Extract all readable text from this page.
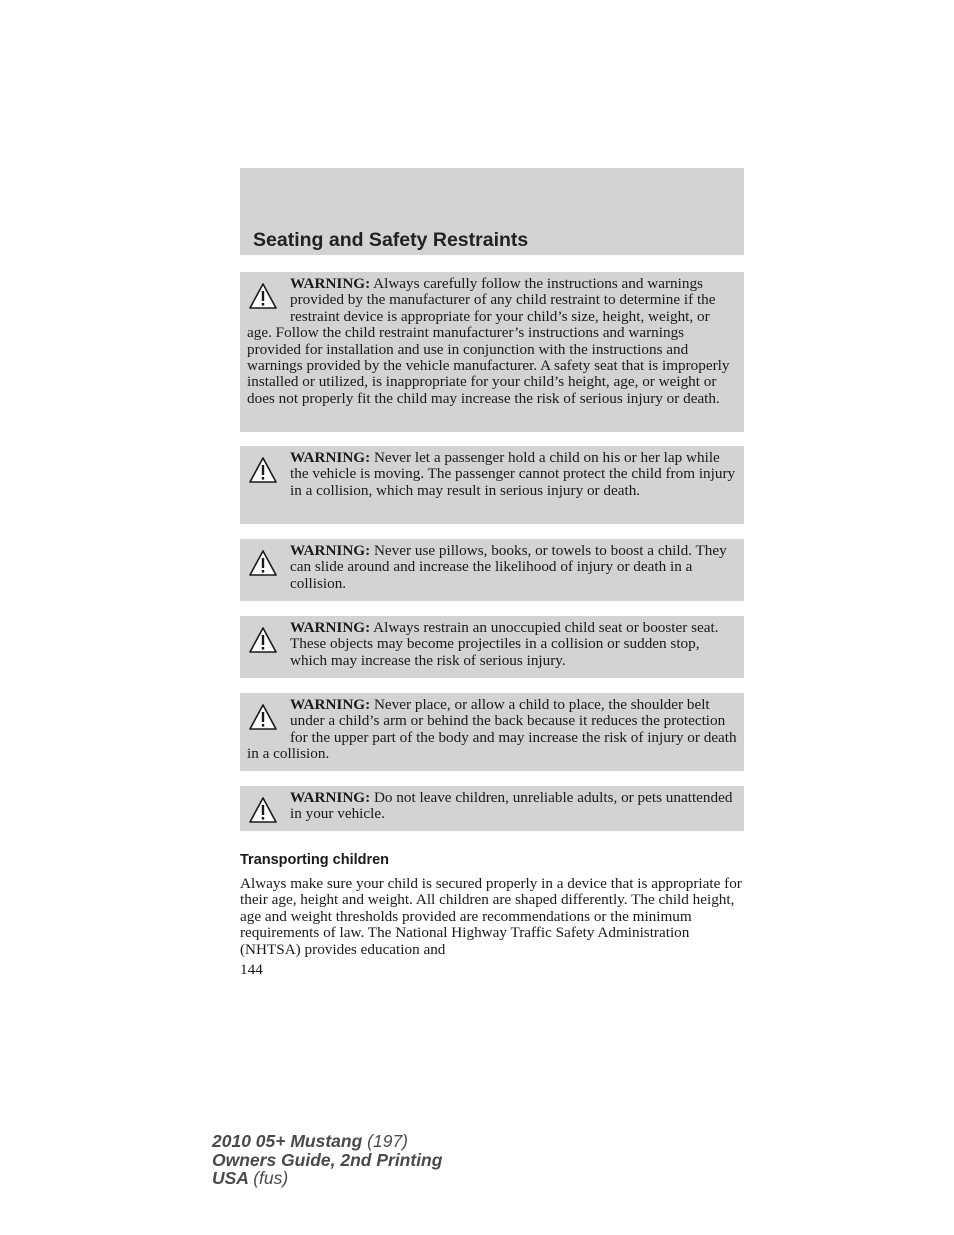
Seating and Safety Restraints
WARNING: Always carefully follow the instructions and warnings provided by the manufacturer of any child restraint to determine if the restraint device is appropriate for your child’s size, height, weight, or age. Follow the child restraint manufacturer’s instructions and warnings provided for installation and use in conjunction with the instructions and warnings provided by the vehicle manufacturer. A safety seat that is improperly installed or utilized, is inappropriate for your child’s height, age, or weight or does not properly fit the child may increase the risk of serious injury or death.
WARNING: Never let a passenger hold a child on his or her lap while the vehicle is moving. The passenger cannot protect the child from injury in a collision, which may result in serious injury or death.
WARNING: Never use pillows, books, or towels to boost a child. They can slide around and increase the likelihood of injury or death in a collision.
WARNING: Always restrain an unoccupied child seat or booster seat. These objects may become projectiles in a collision or sudden stop, which may increase the risk of serious injury.
WARNING: Never place, or allow a child to place, the shoulder belt under a child’s arm or behind the back because it reduces the protection for the upper part of the body and may increase the risk of injury or death in a collision.
WARNING: Do not leave children, unreliable adults, or pets unattended in your vehicle.
Transporting children
Always make sure your child is secured properly in a device that is appropriate for their age, height and weight. All children are shaped differently. The child height, age and weight thresholds provided are recommendations or the minimum requirements of law. The National Highway Traffic Safety Administration (NHTSA) provides education and
144
2010 05+ Mustang (197)
Owners Guide, 2nd Printing
USA (fus)
